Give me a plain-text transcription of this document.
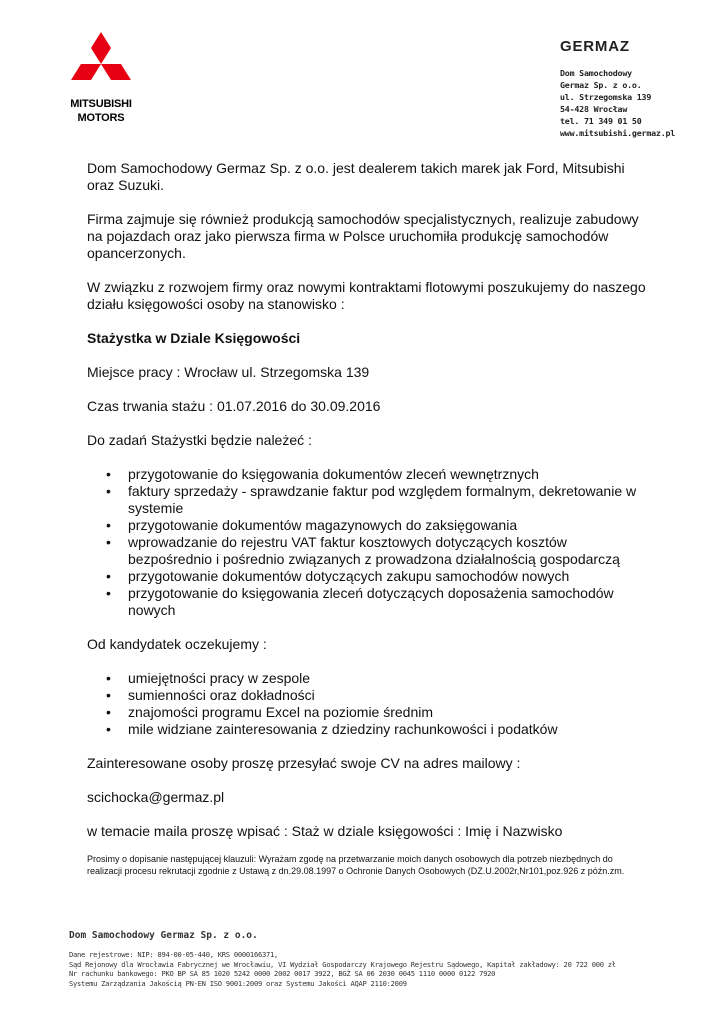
MITSUBISHI
MOTORS
GERMAZ
Dom Samochodowy
Germaz Sp. z o.o.
ul. Strzegomska 139
54-428 Wrocław
tel. 71 349 01 50
www.mitsubishi.germaz.pl

Dom Samochodowy Germaz Sp. z o.o. jest dealerem takich marek jak Ford, Mitsubishi oraz Suzuki.

Firma zajmuje się również produkcją samochodów specjalistycznych, realizuje zabudowy na pojazdach oraz jako pierwsza firma w Polsce uruchomiła produkcję samochodów opancerzonych.

W związku z rozwojem firmy oraz nowymi kontraktami flotowymi poszukujemy do naszego działu księgowości osoby na stanowisko :

Stażystka w Dziale Księgowości

Miejsce pracy : Wrocław ul. Strzegomska 139

Czas trwania stażu : 01.07.2016 do 30.09.2016

Do zadań Stażystki będzie należeć :

• przygotowanie do księgowania dokumentów zleceń wewnętrznych
• faktury sprzedaży - sprawdzanie faktur pod względem formalnym, dekretowanie w systemie
• przygotowanie dokumentów magazynowych do zaksięgowania
• wprowadzanie do rejestru VAT faktur kosztowych dotyczących kosztów bezpośrednio i pośrednio związanych z prowadzona działalnością gospodarczą
• przygotowanie dokumentów dotyczących zakupu samochodów nowych
• przygotowanie do księgowania zleceń dotyczących doposażenia samochodów nowych

Od kandydatek oczekujemy :

• umiejętności pracy w zespole
• sumienności oraz dokładności
• znajomości programu Excel na poziomie średnim
• mile widziane zainteresowania z dziedziny rachunkowości i podatków

Zainteresowane osoby proszę przesyłać swoje CV na adres mailowy :

scichocka@germaz.pl

w temacie maila proszę wpisać : Staż w dziale księgowości : Imię i Nazwisko

Prosimy o dopisanie następującej klauzuli: Wyrażam zgodę na przetwarzanie moich danych osobowych dla potrzeb niezbędnych do realizacji procesu rekrutacji zgodnie z Ustawą z dn.29.08.1997 o Ochronie Danych Osobowych (DZ.U.2002r,Nr101,poz.926 z późn.zm.

Dom Samochodowy Germaz Sp. z o.o.
Dane rejestrowe: NIP: 894-00-05-440, KRS 0000166371,
Sąd Rejonowy dla Wrocławia Fabrycznej we Wrocławiu, VI Wydział Gospodarczy Krajowego Rejestru Sądowego, Kapitał zakładowy: 20 722 000 zł
Nr rachunku bankowego: PKO BP SA 85 1020 5242 0000 2002 0017 3922, BGŻ SA 06 2030 0045 1110 0000 0122 7920
Systemu Zarządzania Jakością PN-EN ISO 9001:2009 oraz Systemu Jakości AQAP 2110:2009
